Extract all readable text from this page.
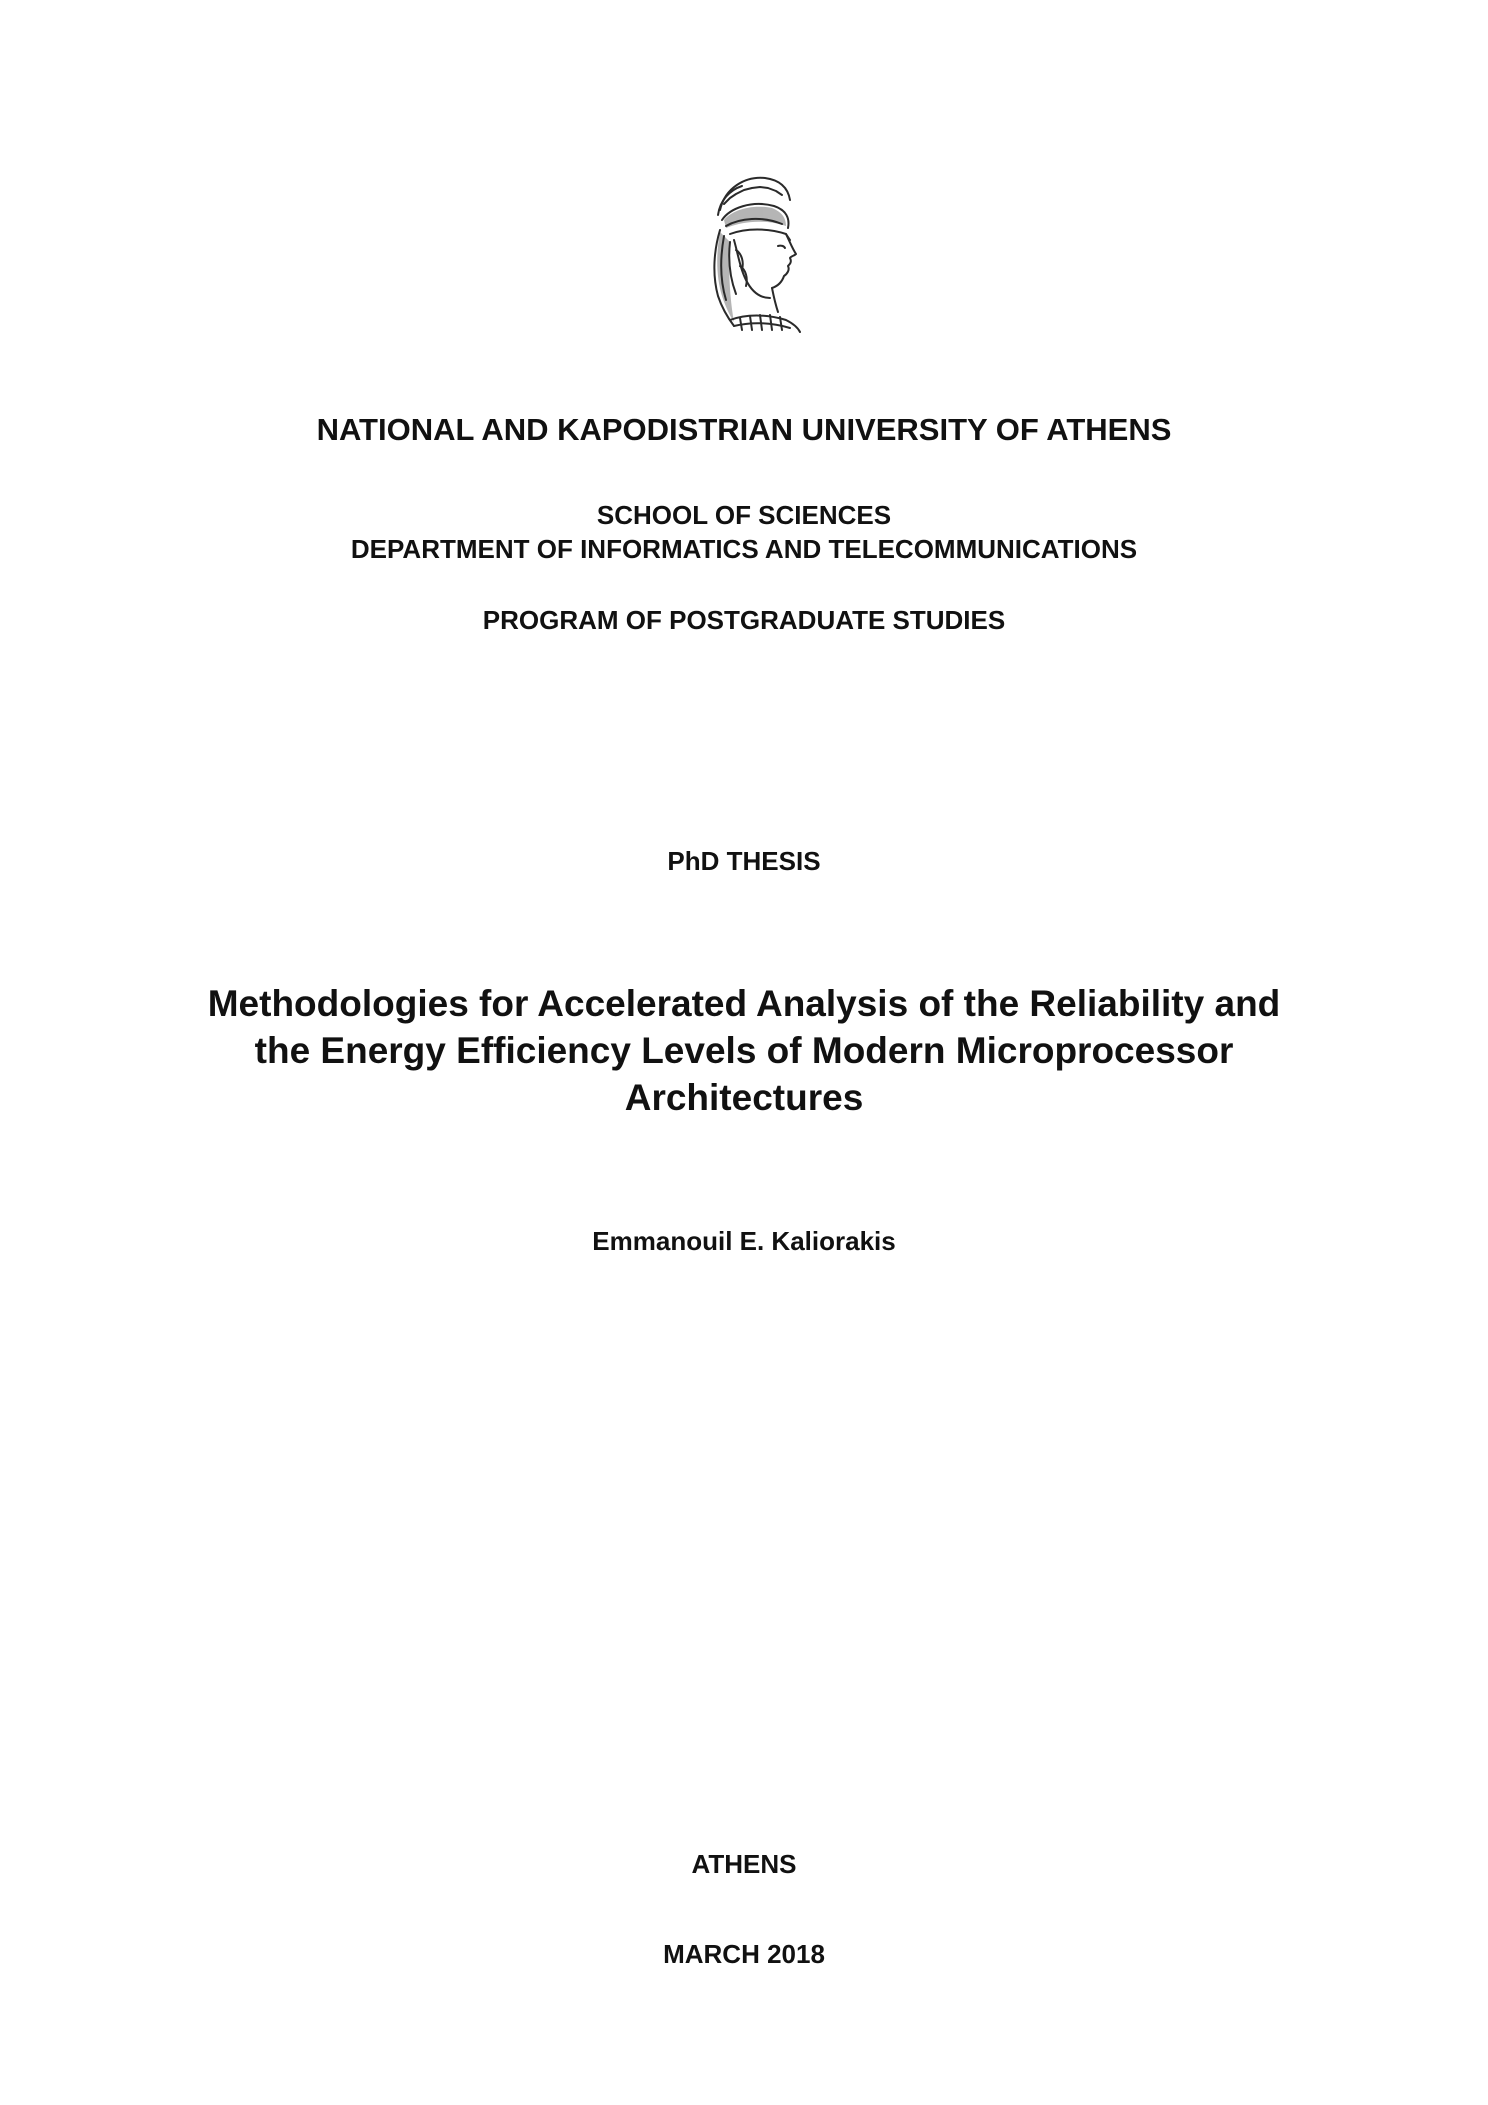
NATIONAL AND KAPODISTRIAN UNIVERSITY OF ATHENS

SCHOOL OF SCIENCES

DEPARTMENT OF INFORMATICS AND TELECOMMUNICATIONS

PROGRAM OF POSTGRADUATE STUDIES

PhD THESIS

Methodologies for Accelerated Analysis of the Reliability and
the Energy Efficiency Levels of Modern Microprocessor
Architectures

Emmanouil E. Kaliorakis

ATHENS

MARCH 2018
